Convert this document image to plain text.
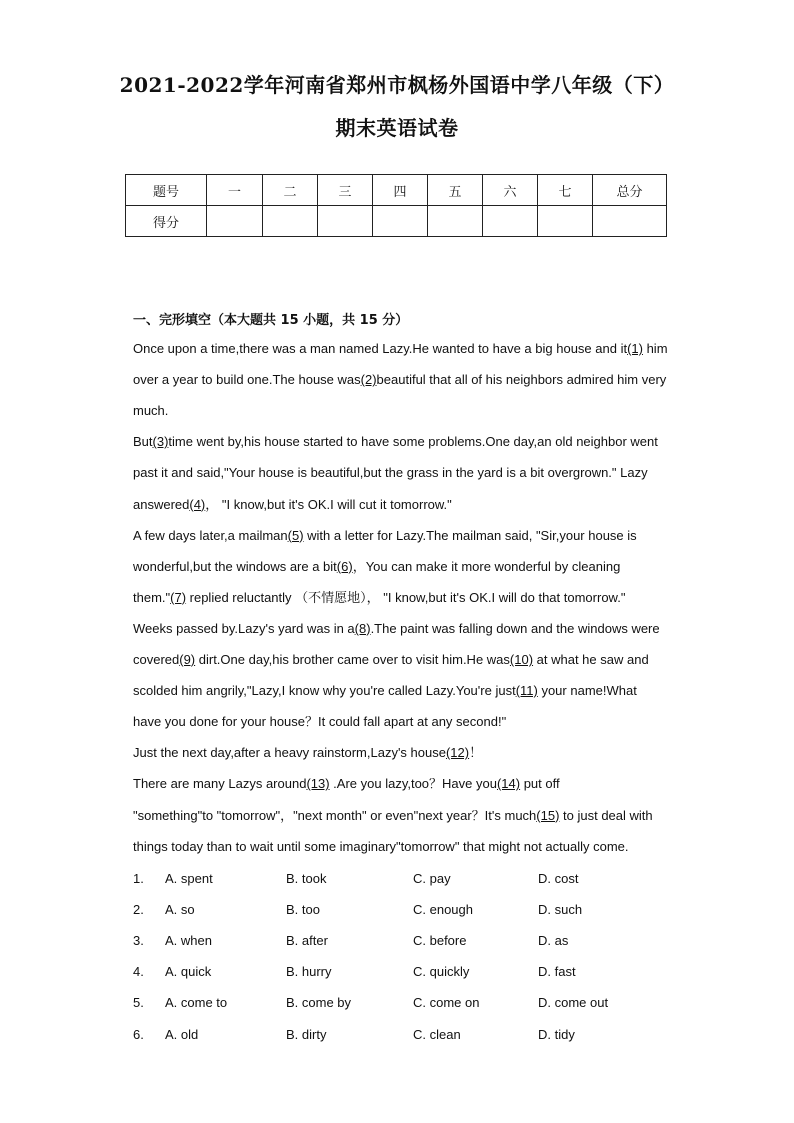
2021-2022学年河南省郑州市枫杨外国语中学八年级（下）
期末英语试卷
题号	一	二	三	四	五	六	七	总分
得分								
一、完形填空（本大题共 15 小题，共 15 分）
Once upon a time,there was a man named Lazy.He wanted to have a big house and it(1) him
over a year to build one.The house was(2)beautiful that all of his neighbors admired him very
much.
But(3)time went by,his house started to have some problems.One day,an old neighbor went
past it and said,"Your house is beautiful,but the grass in the yard is a bit overgrown." Lazy
answered(4)， "I know,but it's OK.I will cut it tomorrow."
A few days later,a mailman(5) with a letter for Lazy.The mailman said, "Sir,your house is
wonderful,but the windows are a bit(6)，You can make it more wonderful by cleaning
them."(7) replied reluctantly （不情愿地）， "I know,but it's OK.I will do that tomorrow."
Weeks passed by.Lazy's yard was in a(8).The paint was falling down and the windows were
covered(9) dirt.One day,his brother came over to visit him.He was(10) at what he saw and
scolded him angrily,"Lazy,I know why you're called Lazy.You're just(11) your name!What
have you done for your house？It could fall apart at any second!"
Just the next day,after a heavy rainstorm,Lazy's house(12)！
There are many Lazys around(13) .Are you lazy,too？Have you(14) put off
"something"to "tomorrow"，"next month" or even"next year？It's much(15) to just deal with
things today than to wait until some imaginary"tomorrow" that might not actually come.
1. A. spent	B. took	C. pay	D. cost
2. A. so	B. too	C. enough	D. such
3. A. when	B. after	C. before	D. as
4. A. quick	B. hurry	C. quickly	D. fast
5. A. come to	B. come by	C. come on	D. come out
6. A. old	B. dirty	C. clean	D. tidy
